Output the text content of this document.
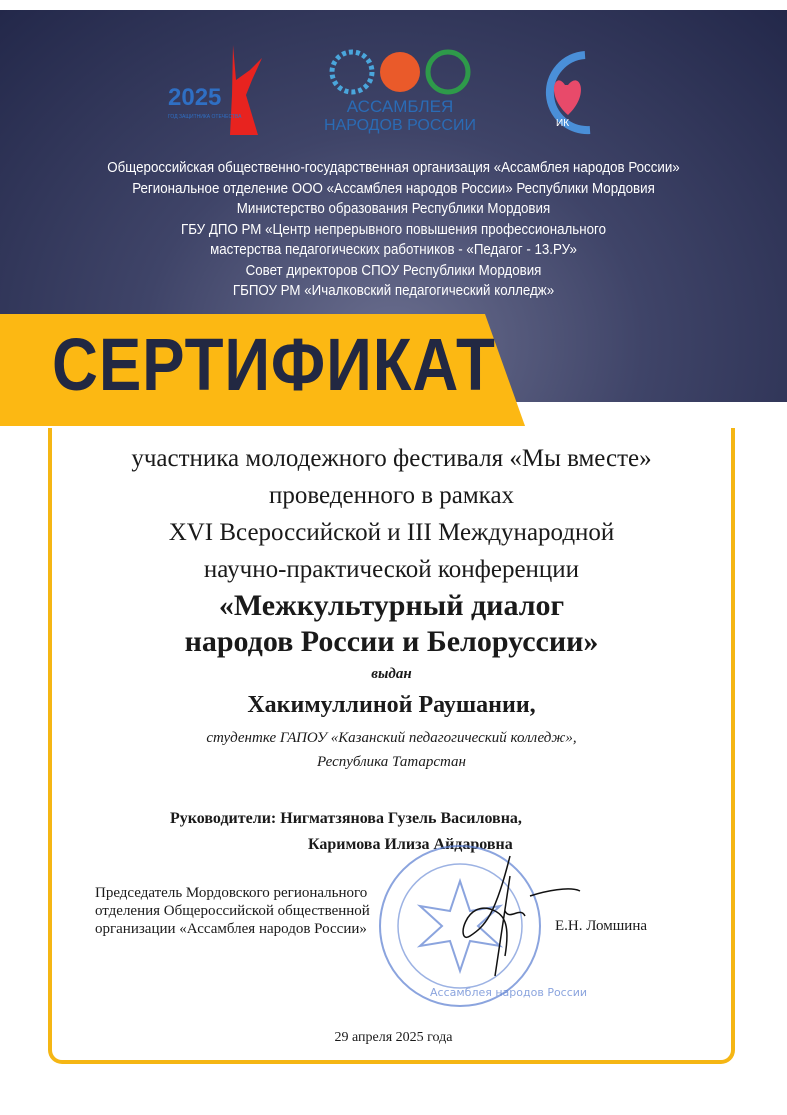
2025
ГОД ЗАЩИТНИКА ОТЕЧЕСТВА
АССАМБЛЕЯ
НАРОДОВ РОССИИ	ИК
Общероссийская общественно-государственная организация «Ассамблея народов России»
Региональное отделение ООО «Ассамблея народов России» Республики Мордовия
Министерство образования Республики Мордовия
ГБУ ДПО РМ «Центр непрерывного повышения профессионального
мастерства педагогических работников - «Педагог - 13.РУ»
Совет директоров СПОУ Республики Мордовия
ГБПОУ РМ «Ичалковский педагогический колледж»
СЕРТИФИКАТ
участника молодежного фестиваля «Мы вместе»
проведенного в рамках
XVI Всероссийской и III Международной
научно-практической конференции
«Межкультурный диалог
народов России и Белоруссии»
выдан
Хакимуллиной Раушании,
студентке ГАПОУ «Казанский педагогический колледж»,
Республика Татарстан
Руководители: Нигматзянова Гузель Василовна,
Каримова Илиза Айдаровна
Ассамблея народов России
Председатель Мордовского регионального
отделения Общероссийской общественной
организации «Ассамблея народов России»	Е.Н. Ломшина
29 апреля 2025 года
